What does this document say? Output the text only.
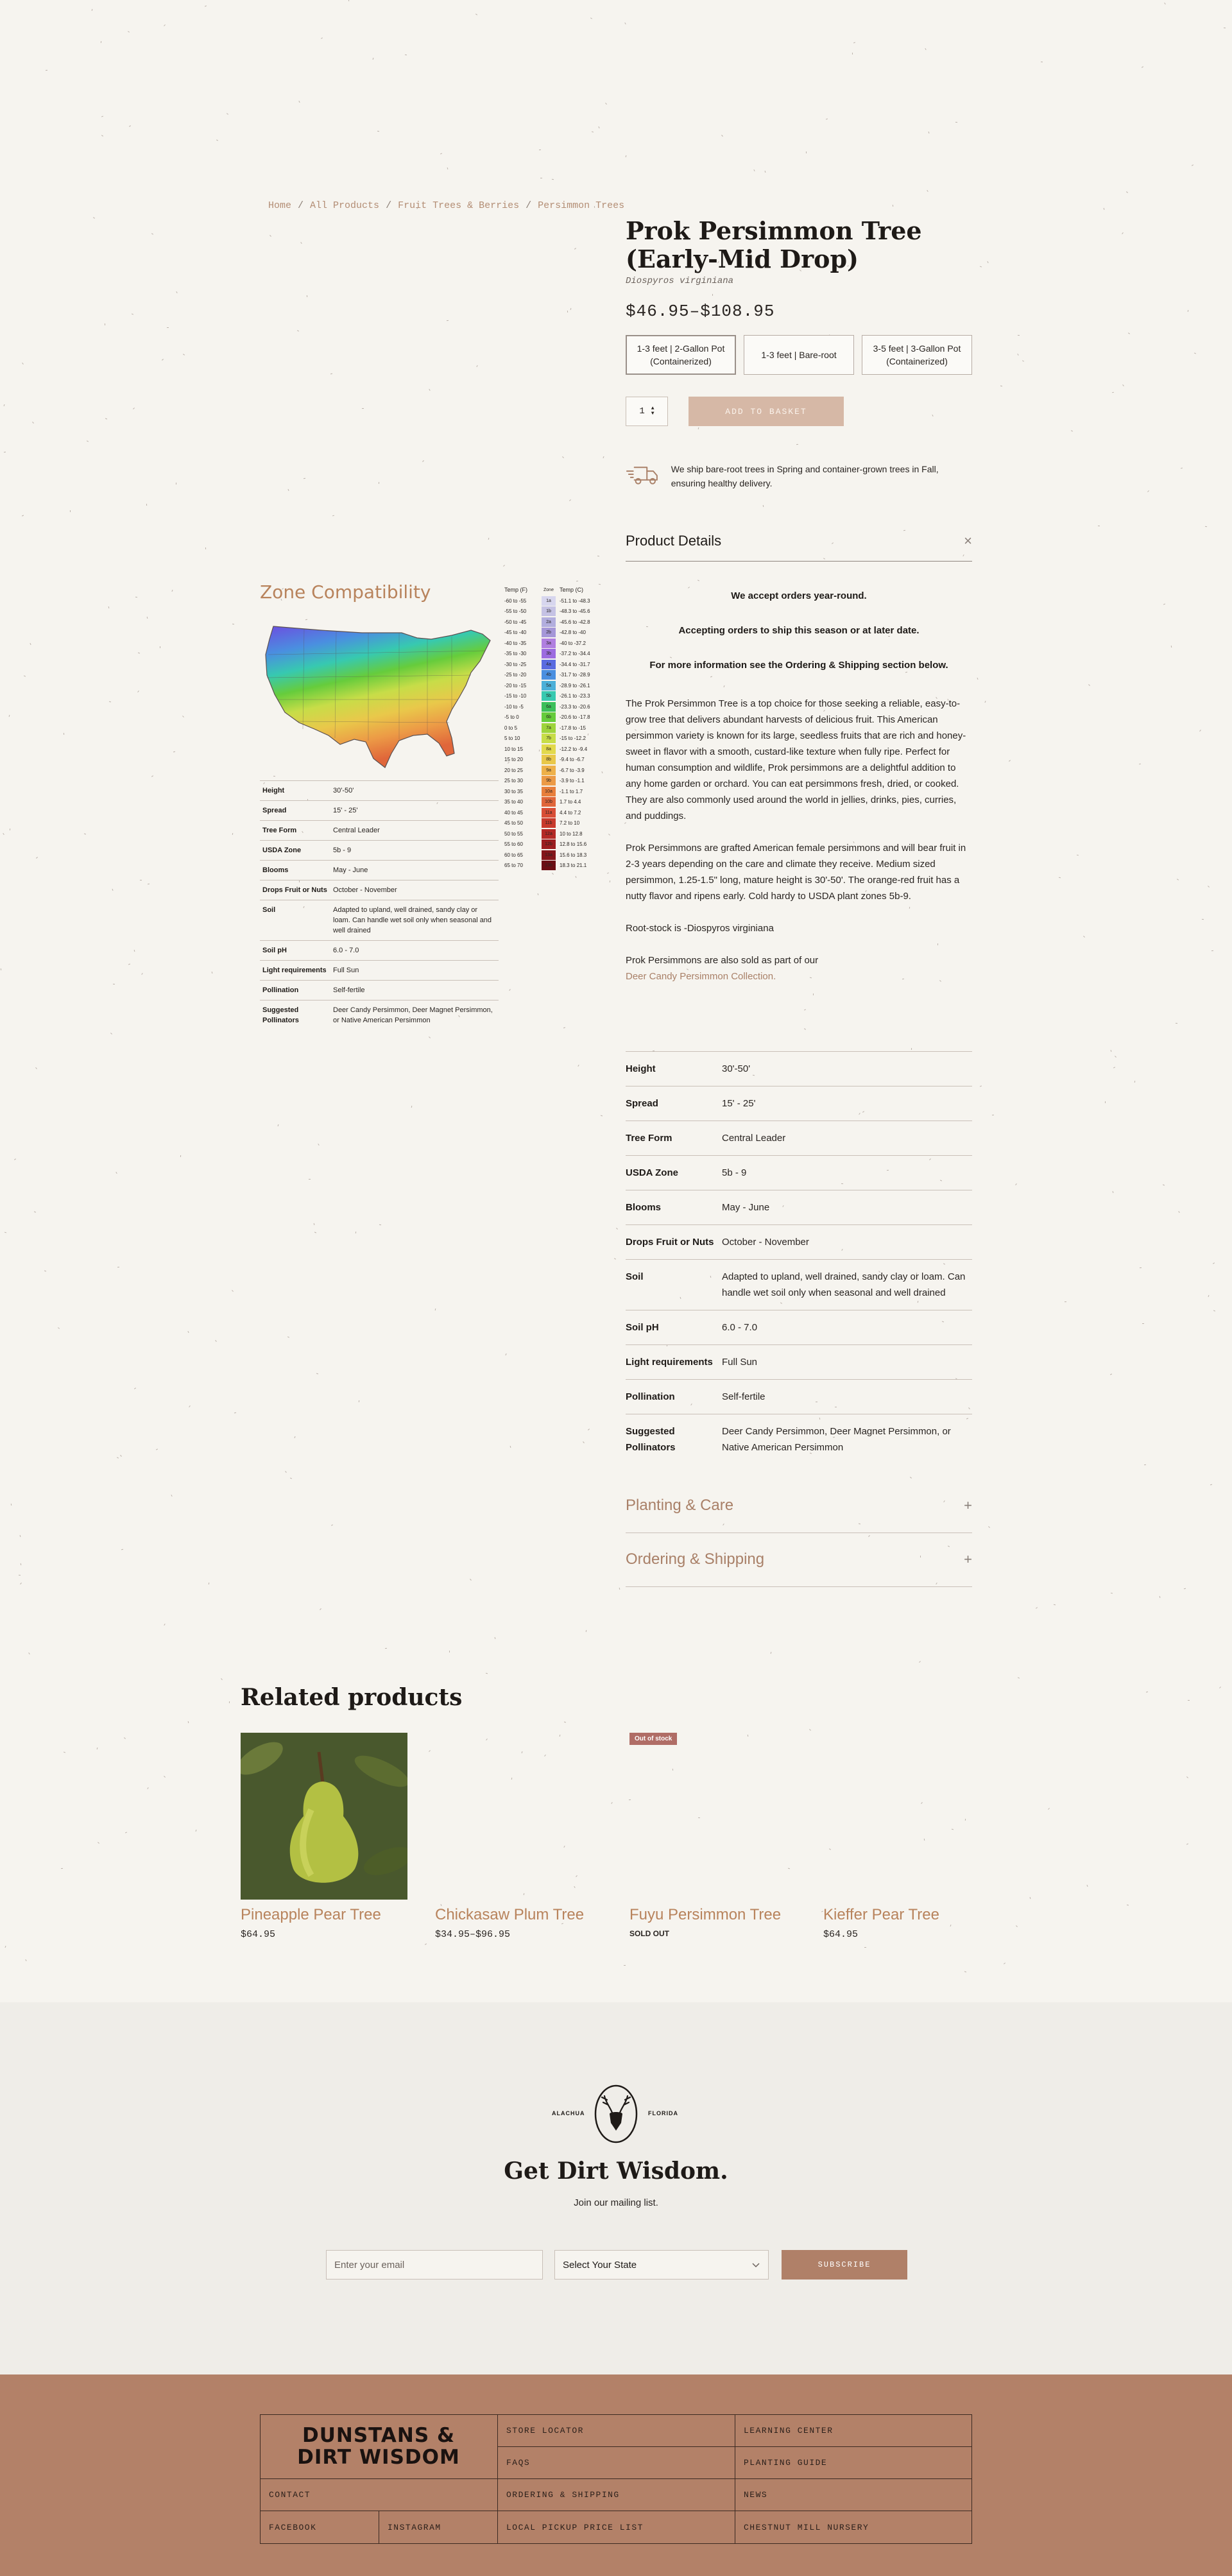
Home / All Products / Fruit Trees & Berries / Persimmon Trees
Prok Persimmon Tree (Early-Mid Drop)
Diospyros virginiana
$46.95–$108.95
1-3 feet | 2-Gallon Pot (Containerized)
1-3 feet | Bare-root
3-5 feet | 3-Gallon Pot (Containerized)
1 ▲
▼	ADD TO BASKET
We ship bare-root trees in Spring and container-grown trees in Fall, ensuring healthy delivery.
Product Details	×

We accept orders year-round.

Accepting orders to ship this season or at later date.

For more information see the Ordering & Shipping section below.

The Prok Persimmon Tree is a top choice for those seeking a reliable, easy-to-grow tree that delivers abundant harvests of delicious fruit. This American persimmon variety is known for its large, seedless fruits that are rich and honey-sweet in flavor with a smooth, custard-like texture when fully ripe. Perfect for human consumption and wildlife, Prok persimmons are a delightful addition to any home garden or orchard. You can eat persimmons fresh, dried, or cooked. They are also commonly used around the world in jellies, drinks, pies, curries, and puddings.

Prok Persimmons are grafted American female persimmons and will bear fruit in 2-3 years depending on the care and climate they receive. Medium sized persimmon, 1.25-1.5" long, mature height is 30'-50'. The orange-red fruit has a nutty flavor and ripens early. Cold hardy to USDA plant zones 5b-9.

Root-stock is -Diospyros virginiana

Prok Persimmons are also sold as part of our
Deer Candy Persimmon Collection.

Height	30'-50'
Spread	15' - 25'
Tree Form	Central Leader
USDA Zone	5b - 9
Blooms	May - June
Drops Fruit or Nuts	October - November
Soil	Adapted to upland, well drained, sandy clay or loam. Can handle wet soil only when seasonal and well drained
Soil pH	6.0 - 7.0
Light requirements	Full Sun
Pollination	Self-fertile
Suggested Pollinators	Deer Candy Persimmon, Deer Magnet Persimmon, or Native American Persimmon
Planting & Care	+
Ordering & Shipping	+
Zone Compatibility	Temp (F)	Zone	Temp (C)
-60 to -55	1a	-51.1 to -48.3
-55 to -50	1b	-48.3 to -45.6
-50 to -45	2a	-45.6 to -42.8
-45 to -40	2b	-42.8 to -40
-40 to -35	3a	-40 to -37.2
-35 to -30	3b	-37.2 to -34.4
-30 to -25	4a	-34.4 to -31.7
-25 to -20	4b	-31.7 to -28.9
-20 to -15	5a	-28.9 to -26.1
-15 to -10	5b	-26.1 to -23.3
-10 to -5	6a	-23.3 to -20.6
-5 to 0	6b	-20.6 to -17.8
0 to 5	7a	-17.8 to -15
5 to 10	7b	-15 to -12.2
10 to 15	8a	-12.2 to -9.4
15 to 20	8b	-9.4 to -6.7
20 to 25	9a	-6.7 to -3.9
25 to 30	9b	-3.9 to -1.1
30 to 35	10a	-1.1 to 1.7
35 to 40	10b	1.7 to 4.4
40 to 45	11a	4.4 to 7.2
45 to 50	11b	7.2 to 10
50 to 55	12a	10 to 12.8
55 to 60	12b	12.8 to 15.6
60 to 65	13a	15.6 to 18.3
65 to 70	13b	18.3 to 21.1
Height	30'-50'
Spread	15' - 25'
Tree Form	Central Leader
USDA Zone	5b - 9
Blooms	May - June
Drops Fruit or Nuts	October - November
Soil	Adapted to upland, well drained, sandy clay or loam. Can handle wet soil only when seasonal and well drained
Soil pH	6.0 - 7.0
Light requirements	Full Sun
Pollination	Self-fertile
Suggested Pollinators	Deer Candy Persimmon, Deer Magnet Persimmon, or Native American Persimmon
Related products
Pineapple Pear Tree
$64.95
Chickasaw Plum Tree
$34.95–$96.95
Out of stock
Fuyu Persimmon Tree
SOLD OUT
Kieffer Pear Tree
$64.95
ALACHUA	FLORIDA
Get Dirt Wisdom.
Join our mailing list.
Enter your email	Select Your State	SUBSCRIBE
DUNSTANS &
DIRT WISDOM
STORE LOCATOR	LEARNING CENTER
FAQS	PLANTING GUIDE
CONTACT	ORDERING & SHIPPING	NEWS
FACEBOOK	INSTAGRAM	LOCAL PICKUP PRICE LIST	CHESTNUT MILL NURSERY
